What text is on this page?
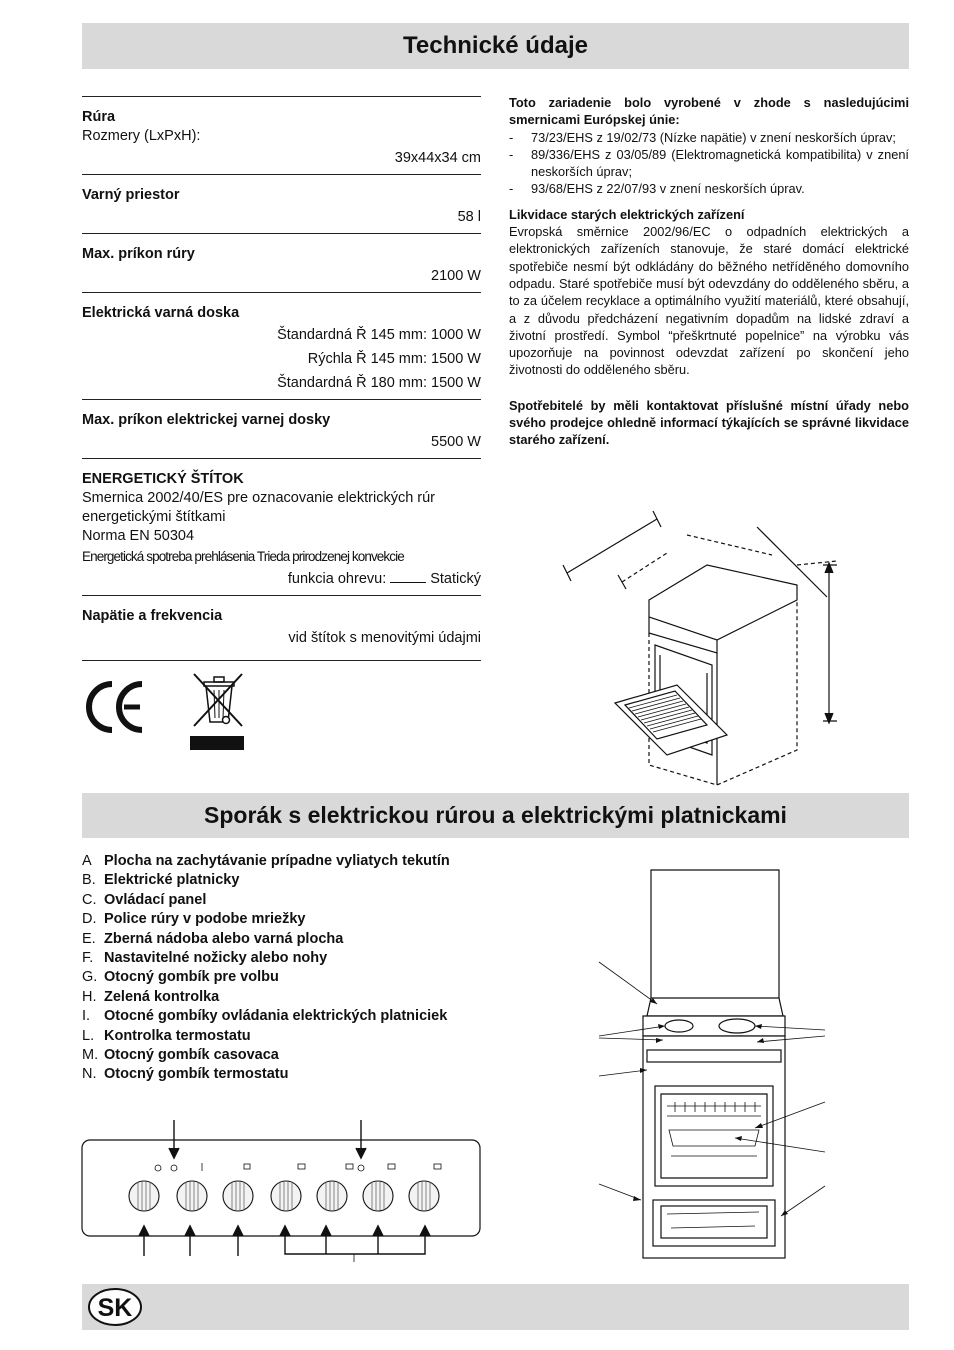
Technické údaje
Rúra
Rozmery (LxPxH):
39x44x34 cm
Varný priestor
58 l
Max. príkon rúry
2100 W
Elektrická varná doska
Štandardná Ř 145 mm: 1000 W
Rýchla Ř 145 mm: 1500 W
Štandardná Ř 180 mm: 1500 W
Max. príkon elektrickej varnej dosky
5500 W
ENERGETICKÝ ŠTÍTOK
Smernica 2002/40/ES pre oznacovanie elektrických rúr energetickými štítkami
Norma EN 50304
Energetická spotreba prehlásenia Trieda prirodzenej konvekcie
funkcia ohrevu:	Statický
Napätie a frekvencia
vid štítok s menovitými údajmi
Toto zariadenie bolo vyrobené v zhode s nasledujúcimi smernicami Európskej únie:
- 73/23/EHS z 19/02/73 (Nízke napätie) v znení neskorších úprav;
- 89/336/EHS z 03/05/89 (Elektromagnetická kompatibilita) v znení neskorších úprav;
- 93/68/EHS z 22/07/93 v znení neskorších úprav.
Likvidace starých elektrických zařízení

Evropská směrnice 2002/96/EC o odpadních elektrických a elektronických zařízeních stanovuje, že staré domácí elektrické spotřebiče nesmí být odkládány do běžného netříděného domovního odpadu. Staré spotřebiče musí být odevzdány do odděleného sběru, a to za účelem recyklace a optimálního využití materiálů, které obsahují, a z důvodu předcházení negativním dopadům na lidské zdraví a životní prostředí. Symbol “přeškrtnuté popelnice” na výrobku vás upozorňuje na povinnost odevzdat zařízení po skončení jeho životnosti do odděleného sběru.

Spotřebitelé by měli kontaktovat příslušné místní úřady nebo svého prodejce ohledně informací týkajících se správné likvidace starého zařízení.
Sporák s elektrickou rúrou a elektrickými platnickami
A Plocha na zachytávanie prípadne vyliatych tekutín
B. Elektrické platnicky
C. Ovládací panel
D. Police rúry v podobe mriežky
E. Zberná nádoba alebo varná plocha
F. Nastavitelné nožicky alebo nohy
G. Otocný gombík pre volbu
H. Zelená kontrolka
I. Otocné gombíky ovládania elektrických platniciek
L. Kontrolka termostatu
M. Otocný gombík casovaca
N. Otocný gombík termostatu
SK
